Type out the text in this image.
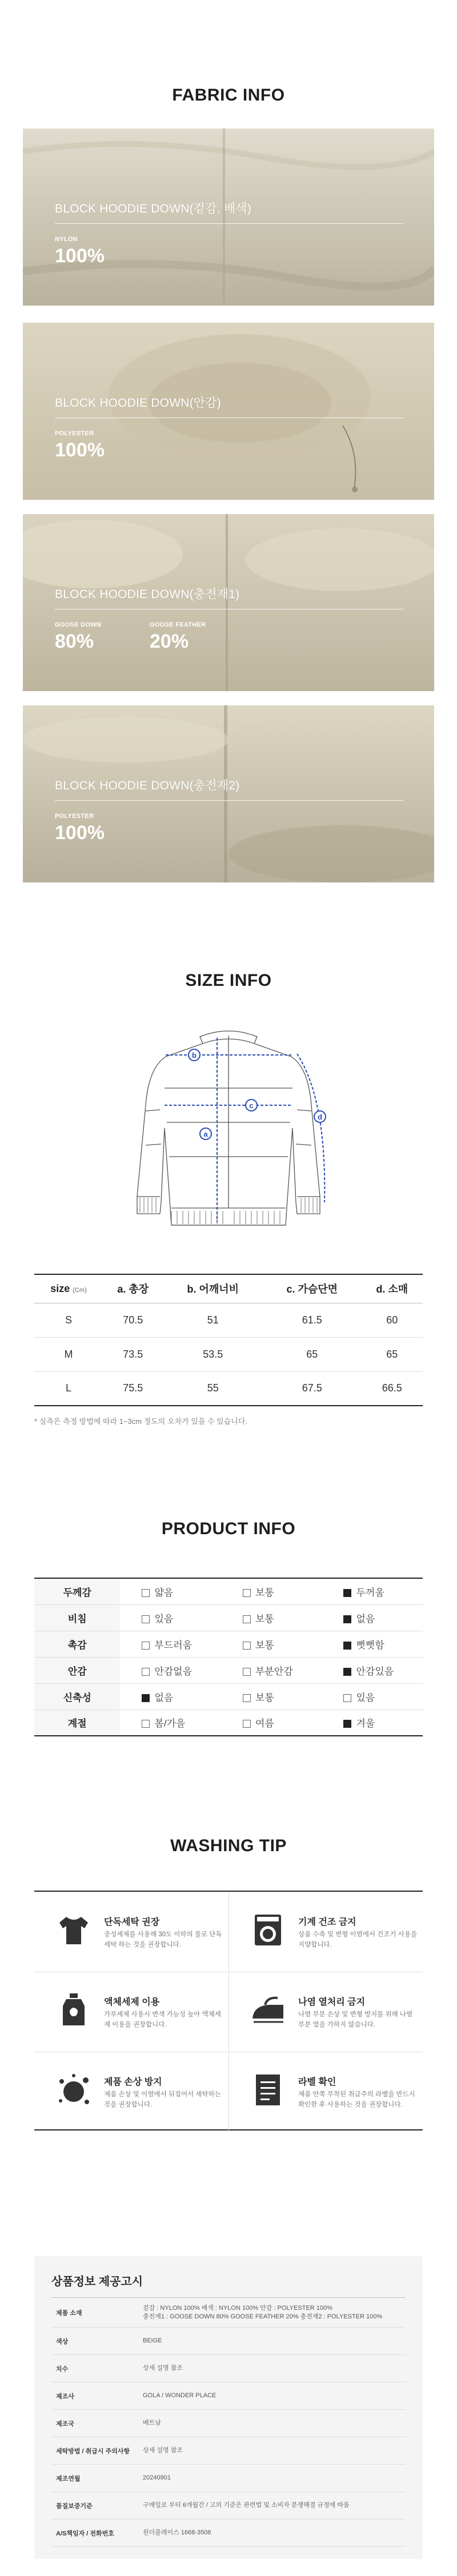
FABRIC INFO
BLOCK HOODIE DOWN(겉감, 배색)
NYLON
100%
BLOCK HOODIE DOWN(안감)
POLYESTER
100%
BLOCK HOODIE DOWN(충전재1)
GOOSE DOWN
80%
GOOSE FEATHER
20%
BLOCK HOODIE DOWN(충전재2)
POLYESTER
100%
SIZE INFO
b
c
a
d
size (Cm)	a. 총장	b. 어깨너비	c. 가슴단면	d. 소매
S	70.5	51	61.5	60
M	73.5	53.5	65	65
L	75.5	55	67.5	66.5
* 실측은 측정 방법에 따라 1~3cm 정도의 오차가 있을 수 있습니다.
PRODUCT INFO
두께감	얇음	보통	두꺼움
비침	있음	보통	없음
촉감	부드러움	보통	뻣뻣함
안감	안감없음	부분안감	안감있음
신축성	없음	보통	있음
계절	봄/가을	여름	겨울
WASHING TIP
단독세탁 권장
중성세제를 사용해 30도 이하의 물로 단독세탁 하는 것을 권장합니다.
기계 건조 금지
상품 수축 및 변형 이염에서 건조기 사용을 지양합니다.
액체세제 이용
가루세제 사용시 변색 가능성 높아 액체세제 이용을 권장합니다.
나염 열처리 금지
나염 부분 손상 및 변형 방지를 위해 나염 부분 열을 가하지 않습니다.
제품 손상 방지
제품 손상 및 이염에서 뒤집어서 세탁하는 것을 권장합니다.
라벨 확인
제품 안쪽 부착된 취급주의 라벨을 반드시 확인한 후 사용하는 것을 권장합니다.
상품정보 제공고시
제품 소재	겉감 : NYLON 100% 배색 : NYLON 100% 안감 : POLYESTER 100%
충전재1 : GOOSE DOWN 80% GOOSE FEATHER 20% 충전재2 : POLYESTER 100%
색상	BEIGE
치수	상세 설명 참조
제조사	GOLA / WONDER PLACE
제조국	베트남
세탁방법 / 취급시 주의사항	상세 설명 참조
제조연월	20240901
품질보증기준	구매일로 부터 6개월간 / 고의 기준은 관련법 및 소비자 분쟁해결 규정에 따름
A/S책임자 / 전화번호	원더플레이스 1668-3508
